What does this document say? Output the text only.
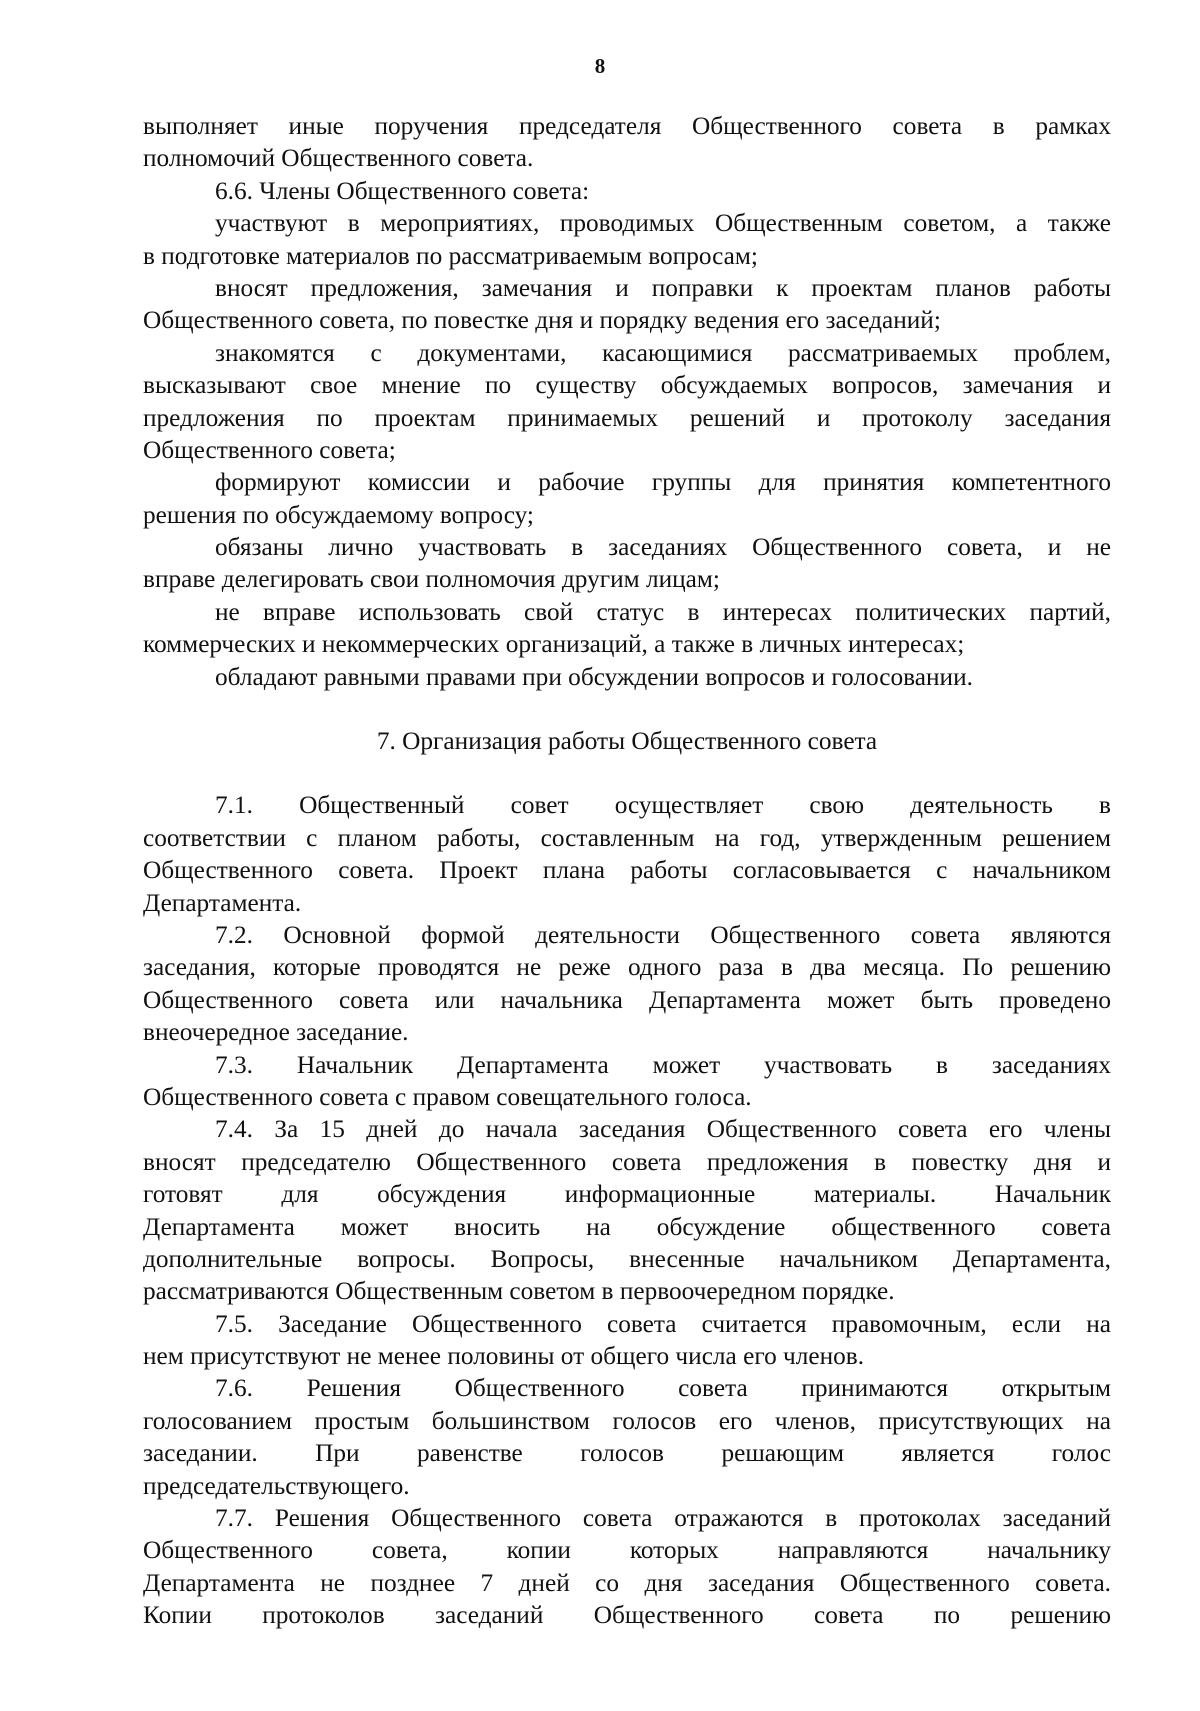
8
выполняет иные поручения председателя Общественного совета в рамках
полномочий Общественного совета.
6.6. Члены Общественного совета:
участвуют в мероприятиях, проводимых Общественным советом, а также
в подготовке материалов по рассматриваемым вопросам;
вносят предложения, замечания и поправки к проектам планов работы
Общественного совета, по повестке дня и порядку ведения его заседаний;
знакомятся с документами, касающимися рассматриваемых проблем,
высказывают свое мнение по существу обсуждаемых вопросов, замечания и
предложения по проектам принимаемых решений и протоколу заседания
Общественного совета;
формируют комиссии и рабочие группы для принятия компетентного
решения по обсуждаемому вопросу;
обязаны лично участвовать в заседаниях Общественного совета, и не
вправе делегировать свои полномочия другим лицам;
не вправе использовать свой статус в интересах политических партий,
коммерческих и некоммерческих организаций, а также в личных интересах;
обладают равными правами при обсуждении вопросов и голосовании.
7. Организация работы Общественного совета
7.1. Общественный совет осуществляет свою деятельность в
соответствии с планом работы, составленным на год, утвержденным решением
Общественного совета. Проект плана работы согласовывается с начальником
Департамента.
7.2. Основной формой деятельности Общественного совета являются
заседания, которые проводятся не реже одного раза в два месяца. По решению
Общественного совета или начальника Департамента может быть проведено
внеочередное заседание.
7.3. Начальник Департамента может участвовать в заседаниях
Общественного совета с правом совещательного голоса.
7.4. За 15 дней до начала заседания Общественного совета его члены
вносят председателю Общественного совета предложения в повестку дня и
готовят для обсуждения информационные материалы. Начальник
Департамента может вносить на обсуждение общественного совета
дополнительные вопросы. Вопросы, внесенные начальником Департамента,
рассматриваются Общественным советом в первоочередном порядке.
7.5. Заседание Общественного совета считается правомочным, если на
нем присутствуют не менее половины от общего числа его членов.
7.6. Решения Общественного совета принимаются открытым
голосованием простым большинством голосов его членов, присутствующих на
заседании. При равенстве голосов решающим является голос
председательствующего.
7.7. Решения Общественного совета отражаются в протоколах заседаний
Общественного совета, копии которых направляются начальнику
Департамента не позднее 7 дней со дня заседания Общественного совета.
Копии протоколов заседаний Общественного совета по решению
